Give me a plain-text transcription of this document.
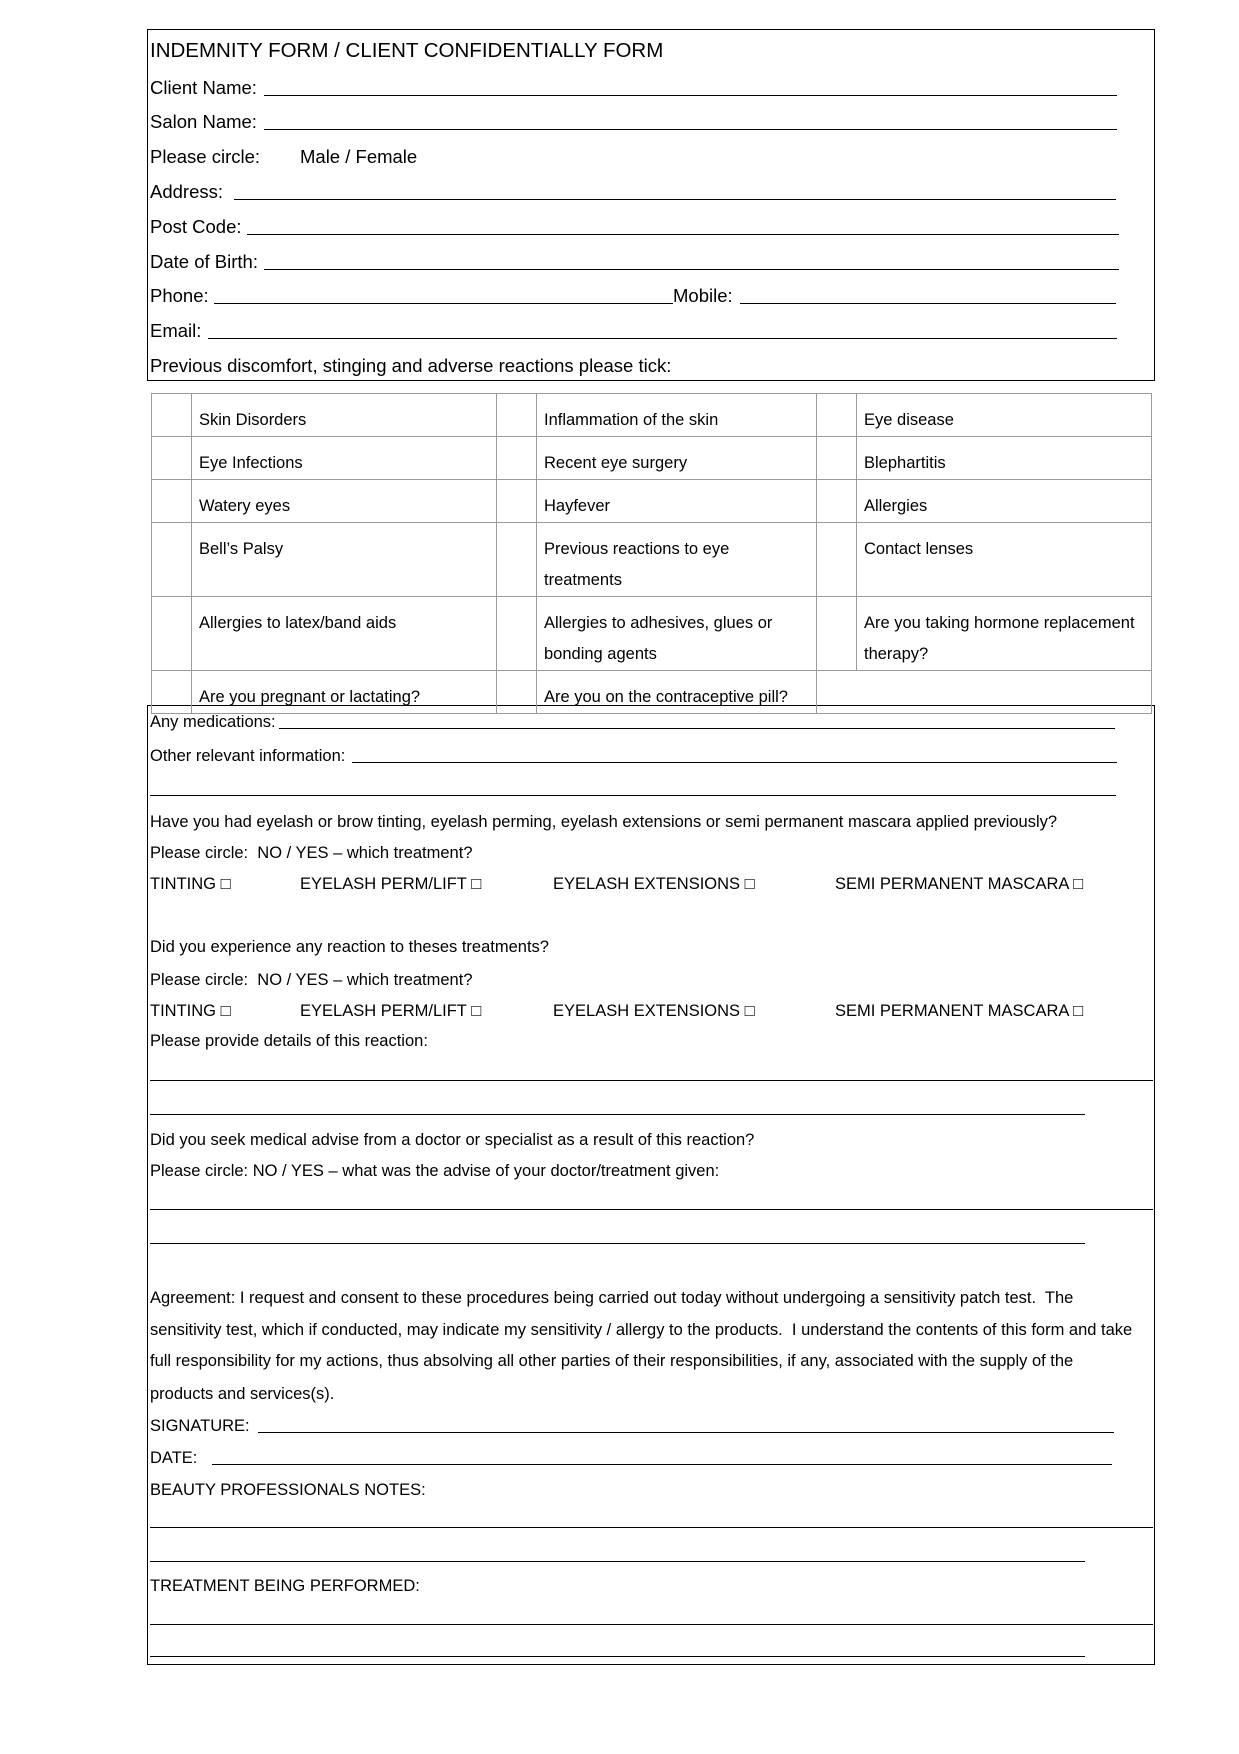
INDEMNITY FORM / CLIENT CONFIDENTIALLY FORM
Client Name:
Salon Name:
Please circle: Male / Female
Address:
Post Code:
Date of Birth:
Phone:	Mobile:
Email:
Previous discomfort, stinging and adverse reactions please tick:
	Skin Disorders		Inflammation of the skin		Eye disease
	Eye Infections		Recent eye surgery		Blephartitis
	Watery eyes		Hayfever		Allergies
	Bell’s Palsy		Previous reactions to eye treatments		Contact lenses
	Allergies to latex/band aids		Allergies to adhesives, glues or bonding agents		Are you taking hormone replacement therapy?
	Are you pregnant or lactating?		Are you on the contraceptive pill?		
Any medications:
Other relevant information:
Have you had eyelash or brow tinting, eyelash perming, eyelash extensions or semi permanent mascara applied previously?
Please circle:  NO / YES – which treatment?
TINTING □	EYELASH PERM/LIFT □	EYELASH EXTENSIONS □	SEMI PERMANENT MASCARA □
Did you experience any reaction to theses treatments?
Please circle:  NO / YES – which treatment?
TINTING □	EYELASH PERM/LIFT □	EYELASH EXTENSIONS □	SEMI PERMANENT MASCARA □
Please provide details of this reaction:
Did you seek medical advise from a doctor or specialist as a result of this reaction?
Please circle: NO / YES – what was the advise of your doctor/treatment given:
Agreement: I request and consent to these procedures being carried out today without undergoing a sensitivity patch test.  The
sensitivity test, which if conducted, may indicate my sensitivity / allergy to the products.  I understand the contents of this form and take
full responsibility for my actions, thus absolving all other parties of their responsibilities, if any, associated with the supply of the
products and services(s).
SIGNATURE:
DATE:
BEAUTY PROFESSIONALS NOTES:
TREATMENT BEING PERFORMED:
